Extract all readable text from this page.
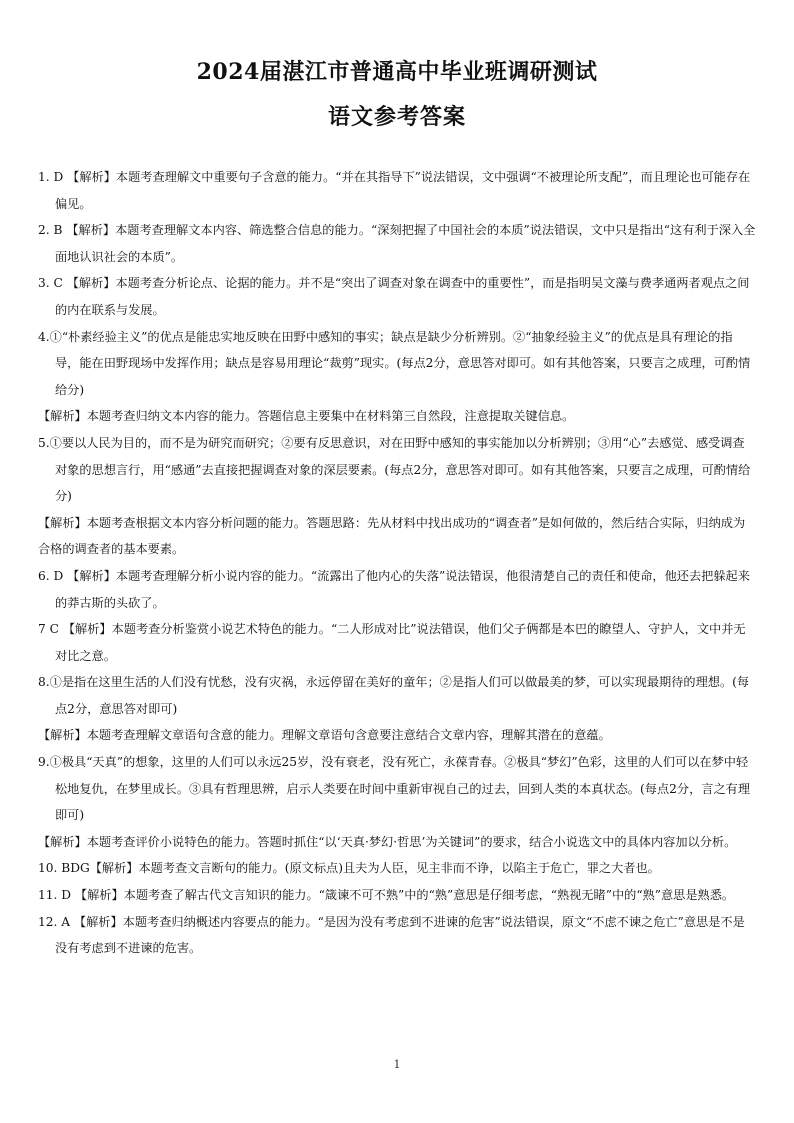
2024届湛江市普通高中毕业班调研测试
语文参考答案

1. D 【解析】本题考查理解文中重要句子含意的能力。“并在其指导下”说法错误，文中强调“不被理论所支配”，而且理论也可能存在偏见。

2. B 【解析】本题考查理解文本内容、筛选整合信息的能力。“深刻把握了中国社会的本质”说法错误，文中只是指出“这有利于深入全面地认识社会的本质”。

3. C 【解析】本题考查分析论点、论据的能力。并不是“突出了调查对象在调查中的重要性”，而是指明吴文藻与费孝通两者观点之间的内在联系与发展。

4.①“朴素经验主义”的优点是能忠实地反映在田野中感知的事实；缺点是缺少分析辨别。②“抽象经验主义”的优点是具有理论的指导，能在田野现场中发挥作用；缺点是容易用理论“裁剪”现实。(每点2分，意思答对即可。如有其他答案，只要言之成理，可酌情给分)

【解析】本题考查归纳文本内容的能力。答题信息主要集中在材料第三自然段，注意提取关键信息。

5.①要以人民为目的，而不是为研究而研究；②要有反思意识，对在田野中感知的事实能加以分析辨别；③用“心”去感觉、感受调查对象的思想言行，用“感通”去直接把握调查对象的深层要素。(每点2分，意思答对即可。如有其他答案，只要言之成理，可酌情给分)

【解析】本题考查根据文本内容分析问题的能力。答题思路：先从材料中找出成功的“调查者”是如何做的，然后结合实际，归纳成为合格的调查者的基本要素。

6. D 【解析】本题考查理解分析小说内容的能力。“流露出了他内心的失落”说法错误，他很清楚自己的责任和使命，他还去把躲起来的莽古斯的头砍了。

7 C 【解析】本题考查分析鉴赏小说艺术特色的能力。“二人形成对比”说法错误，他们父子俩都是本巴的瞭望人、守护人，文中并无对比之意。

8.①是指在这里生活的人们没有忧愁，没有灾祸，永远停留在美好的童年；②是指人们可以做最美的梦，可以实现最期待的理想。(每点2分，意思答对即可)

【解析】本题考查理解文章语句含意的能力。理解文章语句含意要注意结合文章内容，理解其潜在的意蕴。

9.①极具“天真”的想象，这里的人们可以永远25岁，没有衰老，没有死亡，永葆青春。②极具“梦幻”色彩，这里的人们可以在梦中轻松地复仇，在梦里成长。③具有哲理思辨，启示人类要在时间中重新审视自己的过去，回到人类的本真状态。(每点2分，言之有理即可)

【解析】本题考查评价小说特色的能力。答题时抓住“以‘天真·梦幻·哲思’为关键词”的要求，结合小说选文中的具体内容加以分析。

10. BDG【解析】本题考查文言断句的能力。(原文标点)且夫为人臣，见主非而不诤，以陷主于危亡，罪之大者也。

11. D 【解析】本题考查了解古代文言知识的能力。“箴谏不可不熟”中的“熟”意思是仔细考虑，“熟视无睹”中的“熟”意思是熟悉。

12. A 【解析】本题考查归纳概述内容要点的能力。“是因为没有考虑到不进谏的危害”说法错误，原文“不虑不谏之危亡”意思是不是没有考虑到不进谏的危害。

1
